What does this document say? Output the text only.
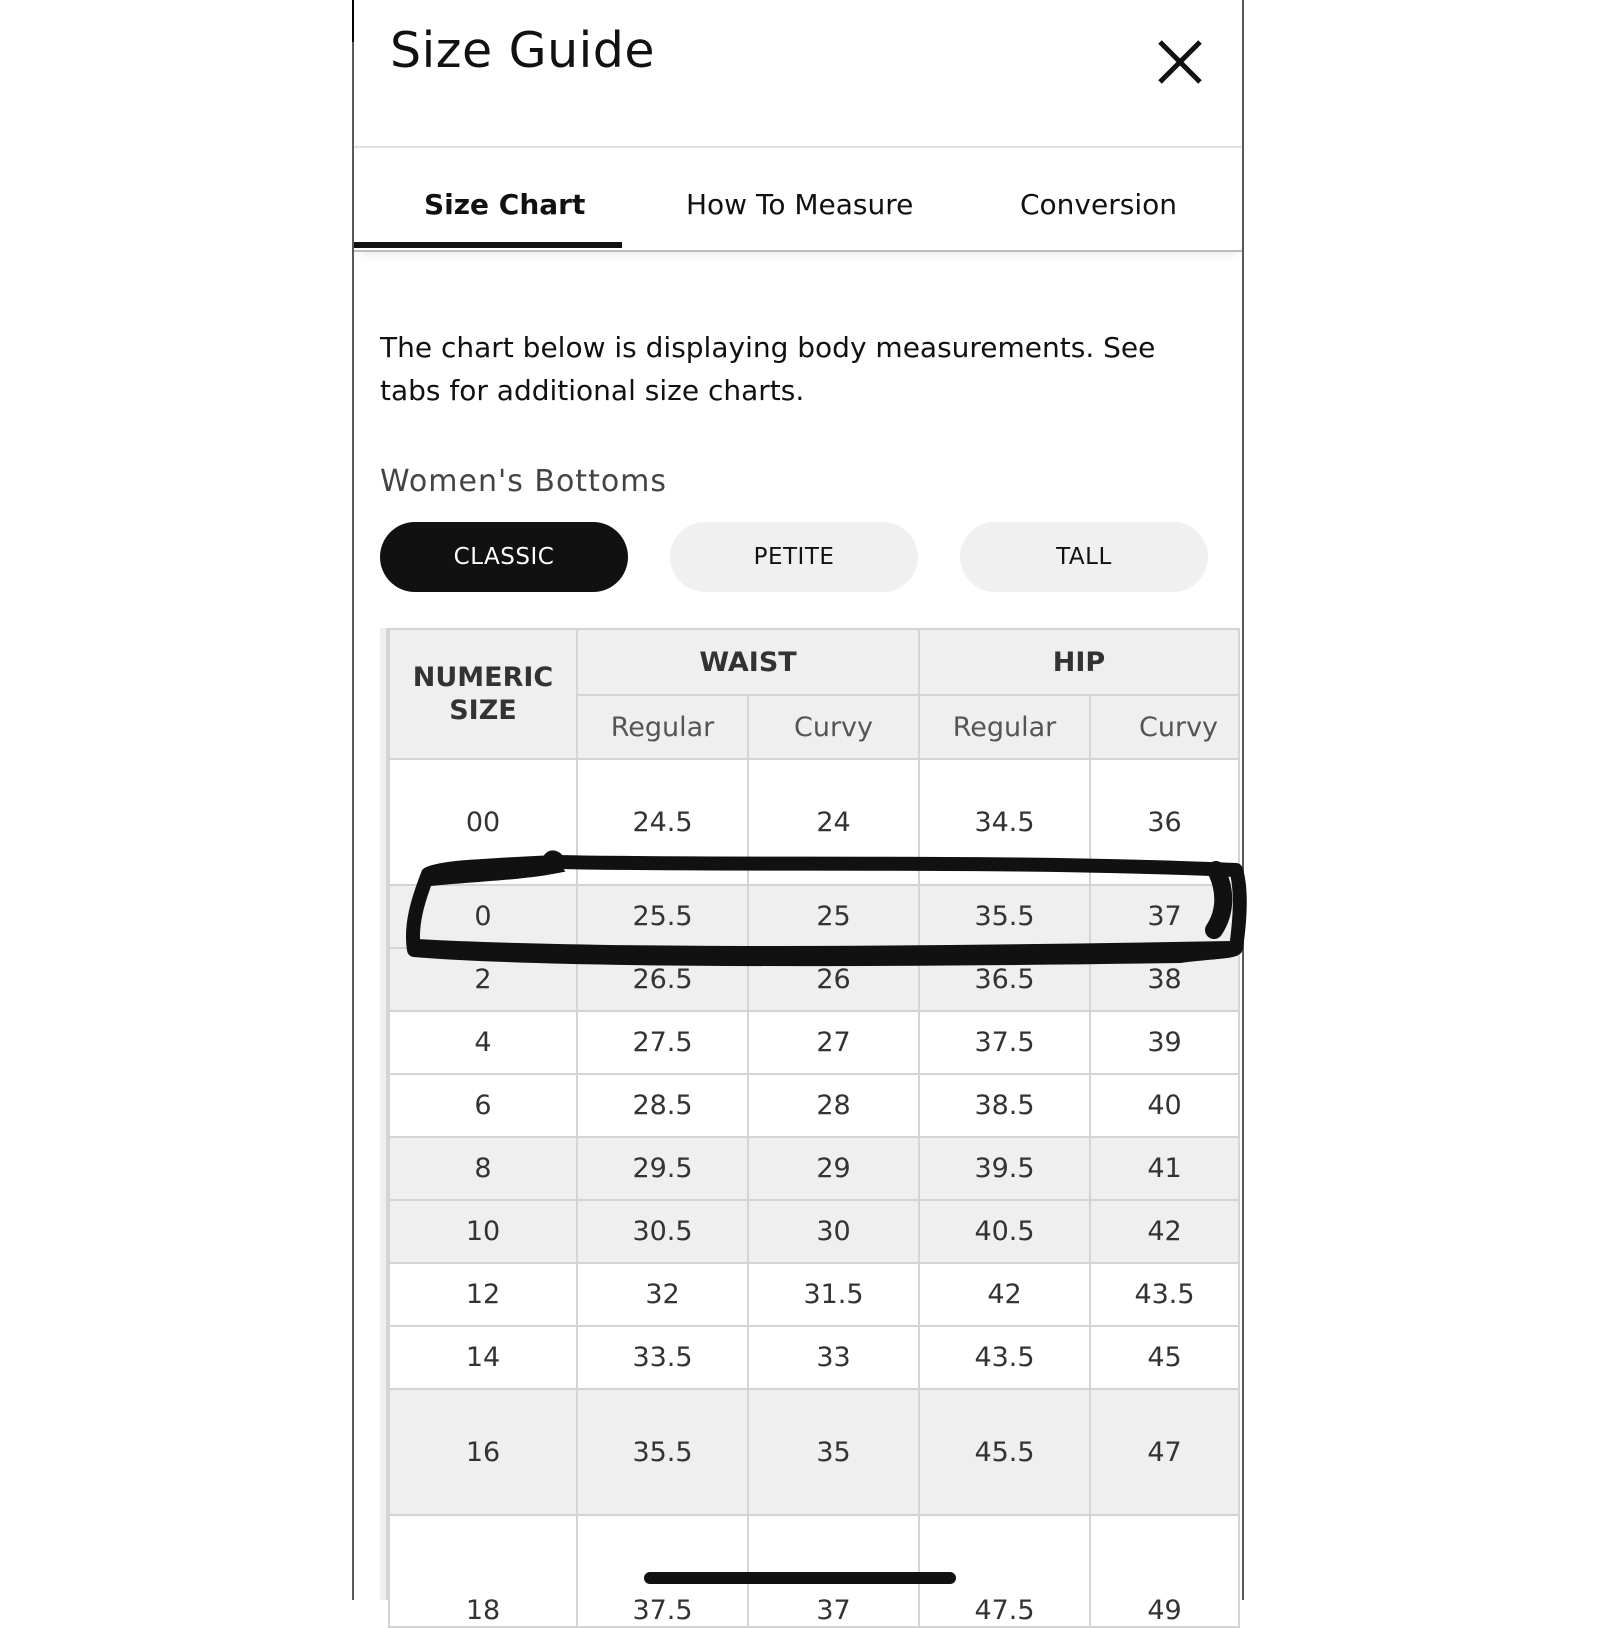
Size Guide
Size Chart	How To Measure	Conversion

The chart below is displaying body measurements. See tabs for additional size charts.

Women's Bottoms
CLASSIC	PETITE	TALL
NUMERIC SIZE	WAIST		HIP	
	Regular	Curvy	Regular	Curvy
00	24.5	24	34.5	36
0	25.5	25	35.5	37
2	26.5	26	36.5	38
4	27.5	27	37.5	39
6	28.5	28	38.5	40
8	29.5	29	39.5	41
10	30.5	30	40.5	42
12	32	31.5	42	43.5
14	33.5	33	43.5	45
16	35.5	35	45.5	47
18	37.5	37	47.5	49
